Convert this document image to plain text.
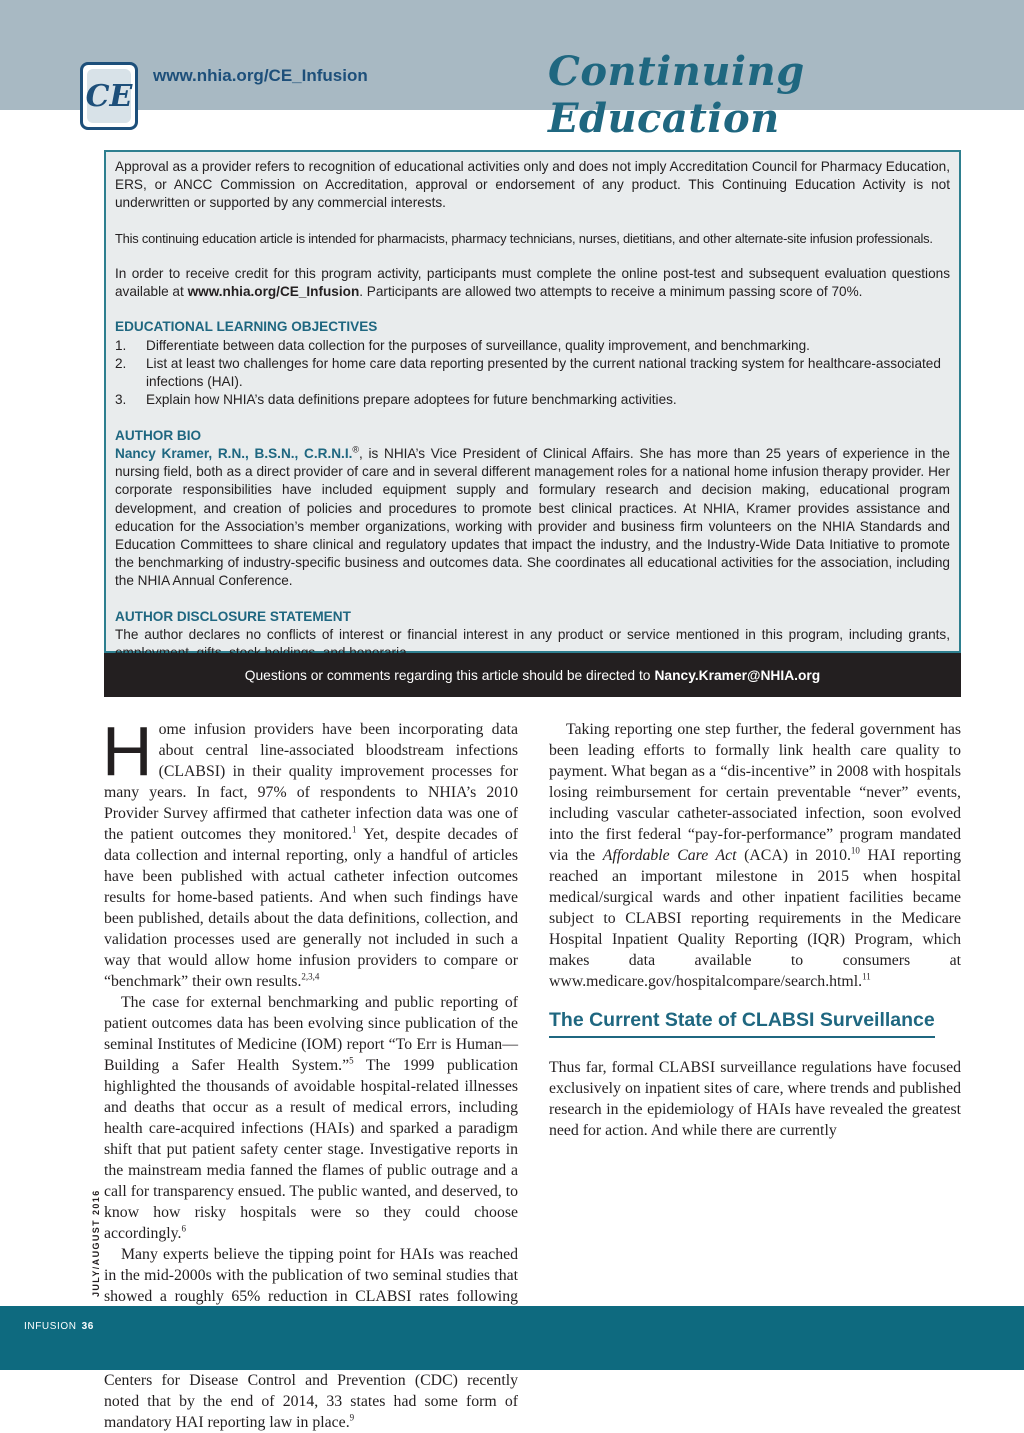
CE
www.nhia.org/CE_Infusion	Continuing Education

Approval as a provider refers to recognition of educational activities only and does not imply Accreditation Council for Pharmacy Education, ERS, or ANCC Commission on Accreditation, approval or endorsement of any product. This Continuing Education Activity is not underwritten or supported by any commercial interests.

This continuing education article is intended for pharmacists, pharmacy technicians, nurses, dietitians, and other alternate-site infusion professionals.

In order to receive credit for this program activity, participants must complete the online post-test and subsequent evaluation questions available at www.nhia.org/CE_Infusion. Participants are allowed two attempts to receive a minimum passing score of 70%.

EDUCATIONAL LEARNING OBJECTIVES
1.	Differentiate between data collection for the purposes of surveillance, quality improvement, and benchmarking.
2.	List at least two challenges for home care data reporting presented by the current national tracking system for healthcare-associated infections (HAI).
3.	Explain how NHIA’s data definitions prepare adoptees for future benchmarking activities.
AUTHOR BIO

Nancy Kramer, R.N., B.S.N., C.R.N.I.®, is NHIA’s Vice President of Clinical Affairs. She has more than 25 years of experience in the nursing field, both as a direct provider of care and in several different management roles for a national home infusion therapy provider. Her corporate responsibilities have included equipment supply and formulary research and decision making, educational program development, and creation of policies and procedures to promote best clinical practices. At NHIA, Kramer provides assistance and education for the Association’s member organizations, working with provider and business firm volunteers on the NHIA Standards and Education Committees to share clinical and regulatory updates that impact the industry, and the Industry-Wide Data Initiative to promote the benchmarking of industry-specific business and outcomes data. She coordinates all educational activities for the association, including the NHIA Annual Conference.

AUTHOR DISCLOSURE STATEMENT

The author declares no conflicts of interest or financial interest in any product or service mentioned in this program, including grants,

Questions or comments regarding this article should be directed to Nancy.Kramer@NHIA.org

Home infusion providers have been incorporating data about central line-associated bloodstream infections (CLABSI) in their quality improvement processes for many years. In fact, 97% of respondents to NHIA’s 2010 Provider Survey affirmed that catheter infection data was one of the patient outcomes they monitored.$^1$ Yet, despite decades of data collection and internal reporting, only a handful of articles have been published with actual catheter infection outcomes results for home-based patients. And when such findings have been published, details about the data definitions, collection, and validation processes used are generally not included in such a way that would allow home infusion providers to compare or “benchmark” their own results.$^{2,3,4}$

The case for external benchmarking and public reporting of patient outcomes data has been evolving since publication of the seminal Institutes of Medicine (IOM) report “To Err is Human—Building a Safer Health System.”$^5$ The 1999 publication highlighted the thousands of avoidable hospital-related illnesses and deaths that occur as a result of medical errors, including health care-acquired infections (HAIs) and sparked a paradigm shift that put patient safety center stage. Investigative reports in the mainstream media fanned the flames of public outrage and a call for transparency ensued. The public wanted, and deserved, to know how risky hospitals were so they could choose accordingly.$^6$

Many experts believe the tipping point for HAIs was reached in the mid-2000s with the publication of two seminal studies that showed a roughly 65% reduction in CLABSI rates following Centers for Disease Control and Prevention (CDC) recently noted that by the end of 2014, 33 states had some form of mandatory HAI reporting law in place.$^9$

Taking reporting one step further, the federal government has been leading efforts to formally link health care quality to payment. What began as a “dis-incentive” in 2008 with hospitals losing reimbursement for certain preventable “never” events, including vascular catheter-associated infection, soon evolved into the first federal “pay-for-performance” program mandated via the Affordable Care Act (ACA) in 2010.10 HAI reporting reached an important milestone in 2015 when hospital medical/surgical wards and other inpatient facilities became subject to CLABSI reporting requirements in the Medicare Hospital Inpatient Quality Reporting (IQR) Program, which makes data available to consumers at www.medicare.gov/hospitalcompare/search.html.$^{11}$

The Current State of CLABSI Surveillance

Thus far, formal CLABSI surveillance regulations have focused exclusively on inpatient sites of care, where trends and published research in the epidemiology of HAIs have revealed the greatest need for action. And while there are currently

JULY/AUGUST 2016
INFUSION 36
